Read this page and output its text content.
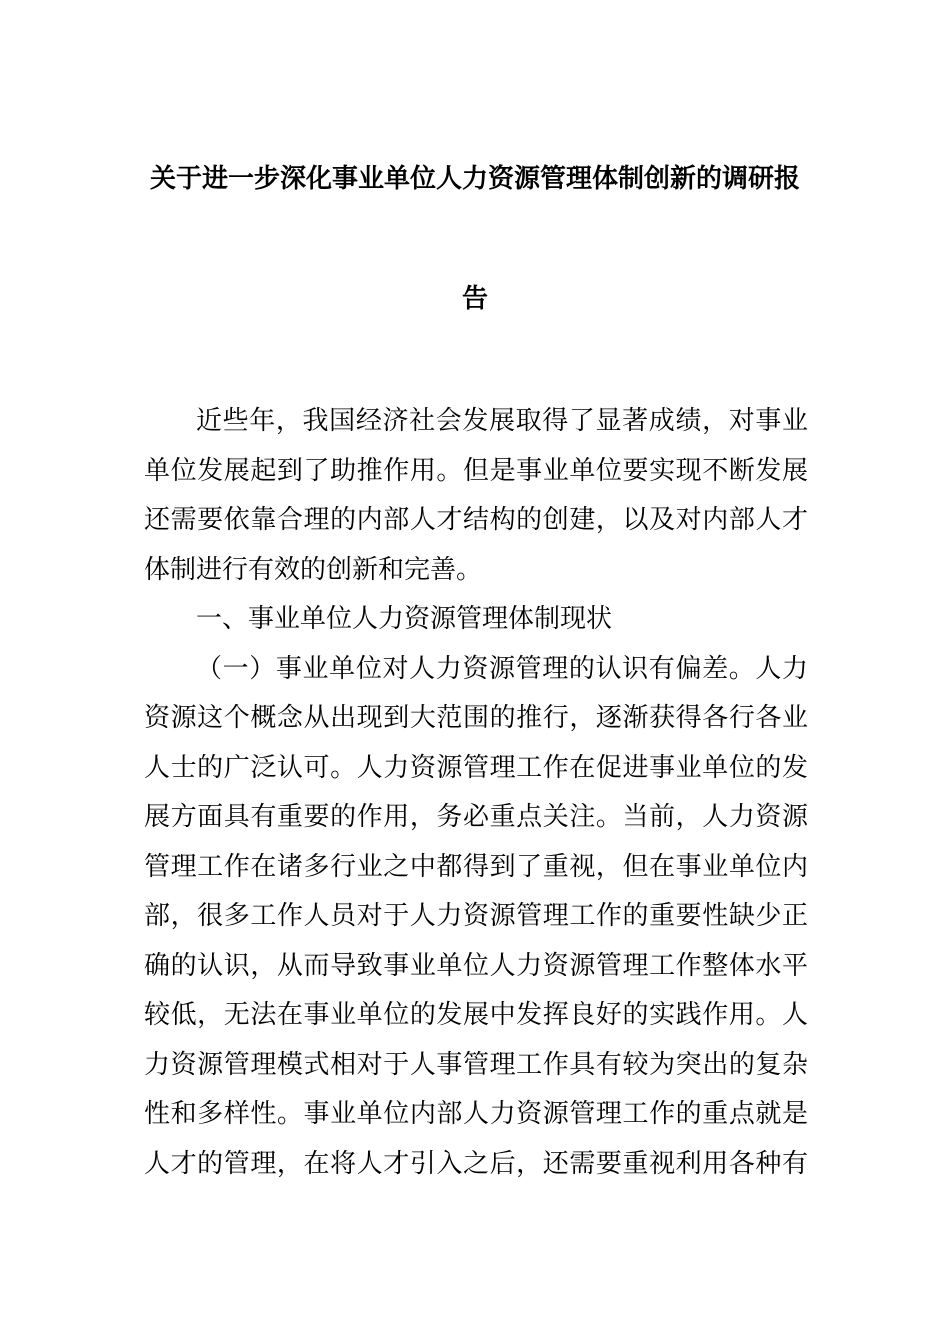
关于进一步深化事业单位人力资源管理体制创新的调研报
告
近些年，我国经济社会发展取得了显著成绩，对事业
单位发展起到了助推作用。但是事业单位要实现不断发展
还需要依靠合理的内部人才结构的创建，以及对内部人才
体制进行有效的创新和完善。
一、事业单位人力资源管理体制现状
（一）事业单位对人力资源管理的认识有偏差。人力
资源这个概念从出现到大范围的推行，逐渐获得各行各业
人士的广泛认可。人力资源管理工作在促进事业单位的发
展方面具有重要的作用，务必重点关注。当前，人力资源
管理工作在诸多行业之中都得到了重视，但在事业单位内
部，很多工作人员对于人力资源管理工作的重要性缺少正
确的认识，从而导致事业单位人力资源管理工作整体水平
较低，无法在事业单位的发展中发挥良好的实践作用。人
力资源管理模式相对于人事管理工作具有较为突出的复杂
性和多样性。事业单位内部人力资源管理工作的重点就是
人才的管理，在将人才引入之后，还需要重视利用各种有
